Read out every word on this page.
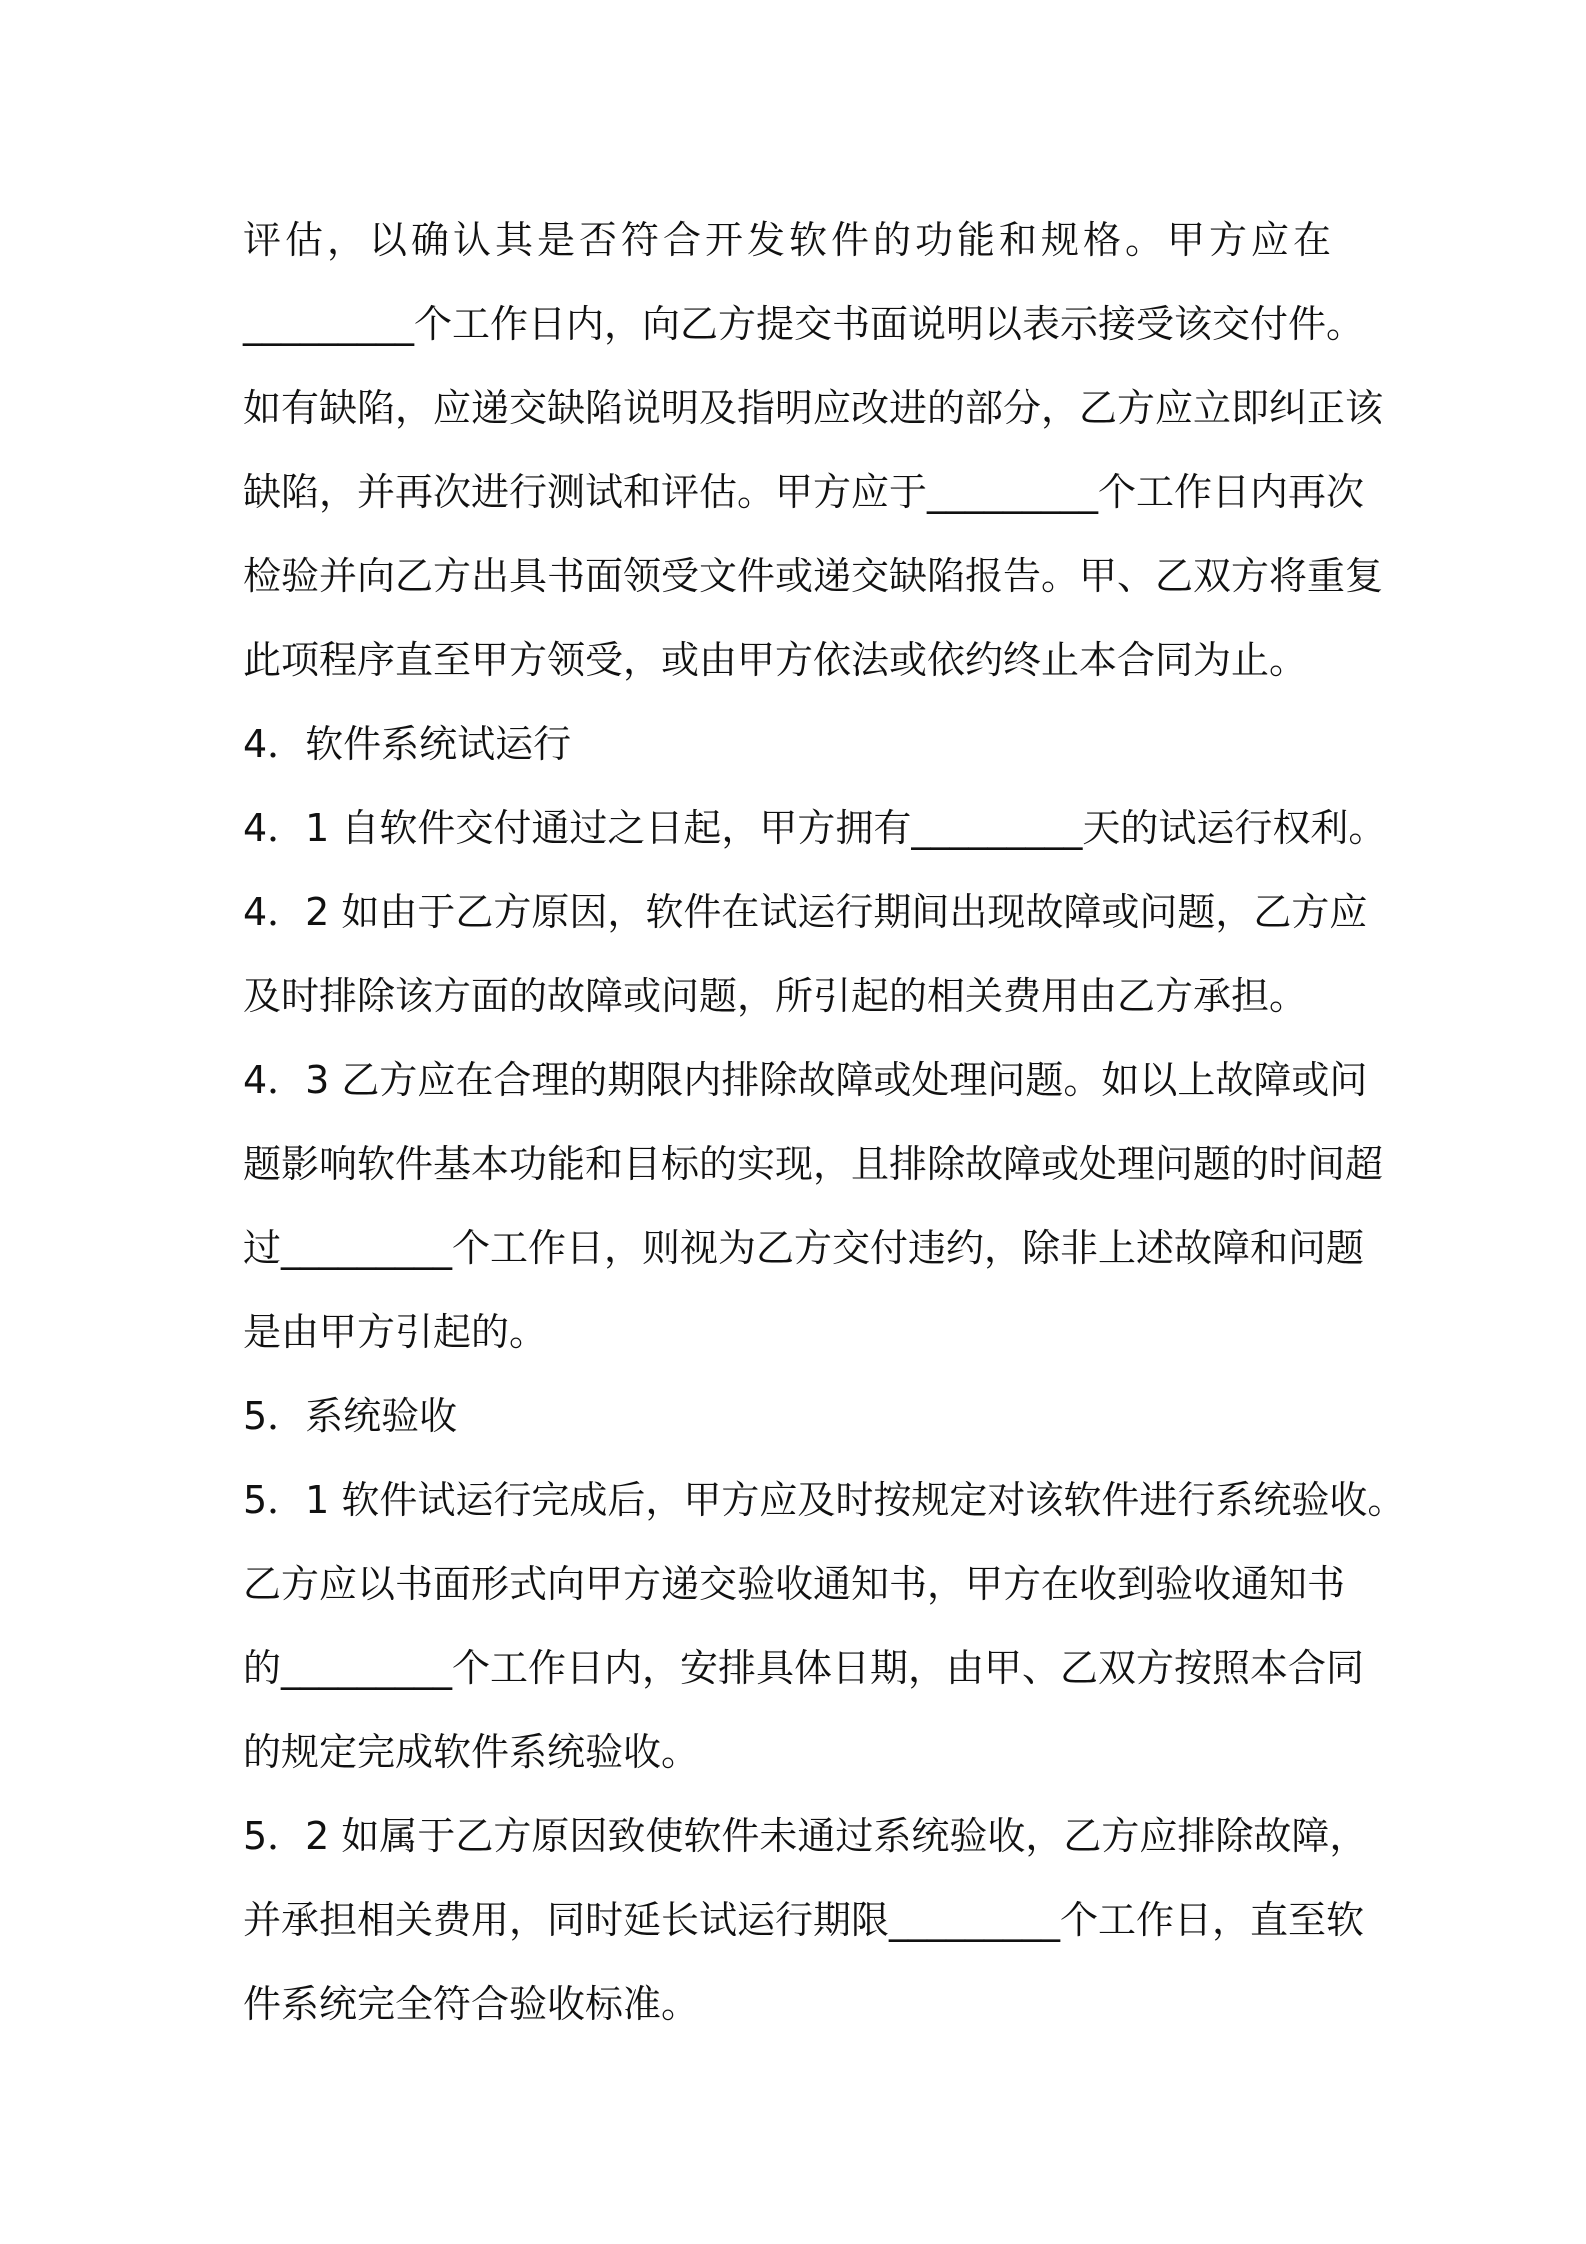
评估，以确认其是否符合开发软件的功能和规格。甲方应在
_________个工作日内，向乙方提交书面说明以表示接受该交付件。
如有缺陷，应递交缺陷说明及指明应改进的部分，乙方应立即纠正该
缺陷，并再次进行测试和评估。甲方应于_________个工作日内再次
检验并向乙方出具书面领受文件或递交缺陷报告。甲、乙双方将重复
此项程序直至甲方领受，或由甲方依法或依约终止本合同为止。
4．软件系统试运行
4．1 自软件交付通过之日起，甲方拥有_________天的试运行权利。
4．2 如由于乙方原因，软件在试运行期间出现故障或问题，乙方应
及时排除该方面的故障或问题，所引起的相关费用由乙方承担。
4．3 乙方应在合理的期限内排除故障或处理问题。如以上故障或问
题影响软件基本功能和目标的实现，且排除故障或处理问题的时间超
过_________个工作日，则视为乙方交付违约，除非上述故障和问题
是由甲方引起的。
5．系统验收
5．1 软件试运行完成后，甲方应及时按规定对该软件进行系统验收。
乙方应以书面形式向甲方递交验收通知书，甲方在收到验收通知书
的_________个工作日内，安排具体日期，由甲、乙双方按照本合同
的规定完成软件系统验收。
5．2 如属于乙方原因致使软件未通过系统验收，乙方应排除故障，
并承担相关费用，同时延长试运行期限_________个工作日，直至软
件系统完全符合验收标准。
